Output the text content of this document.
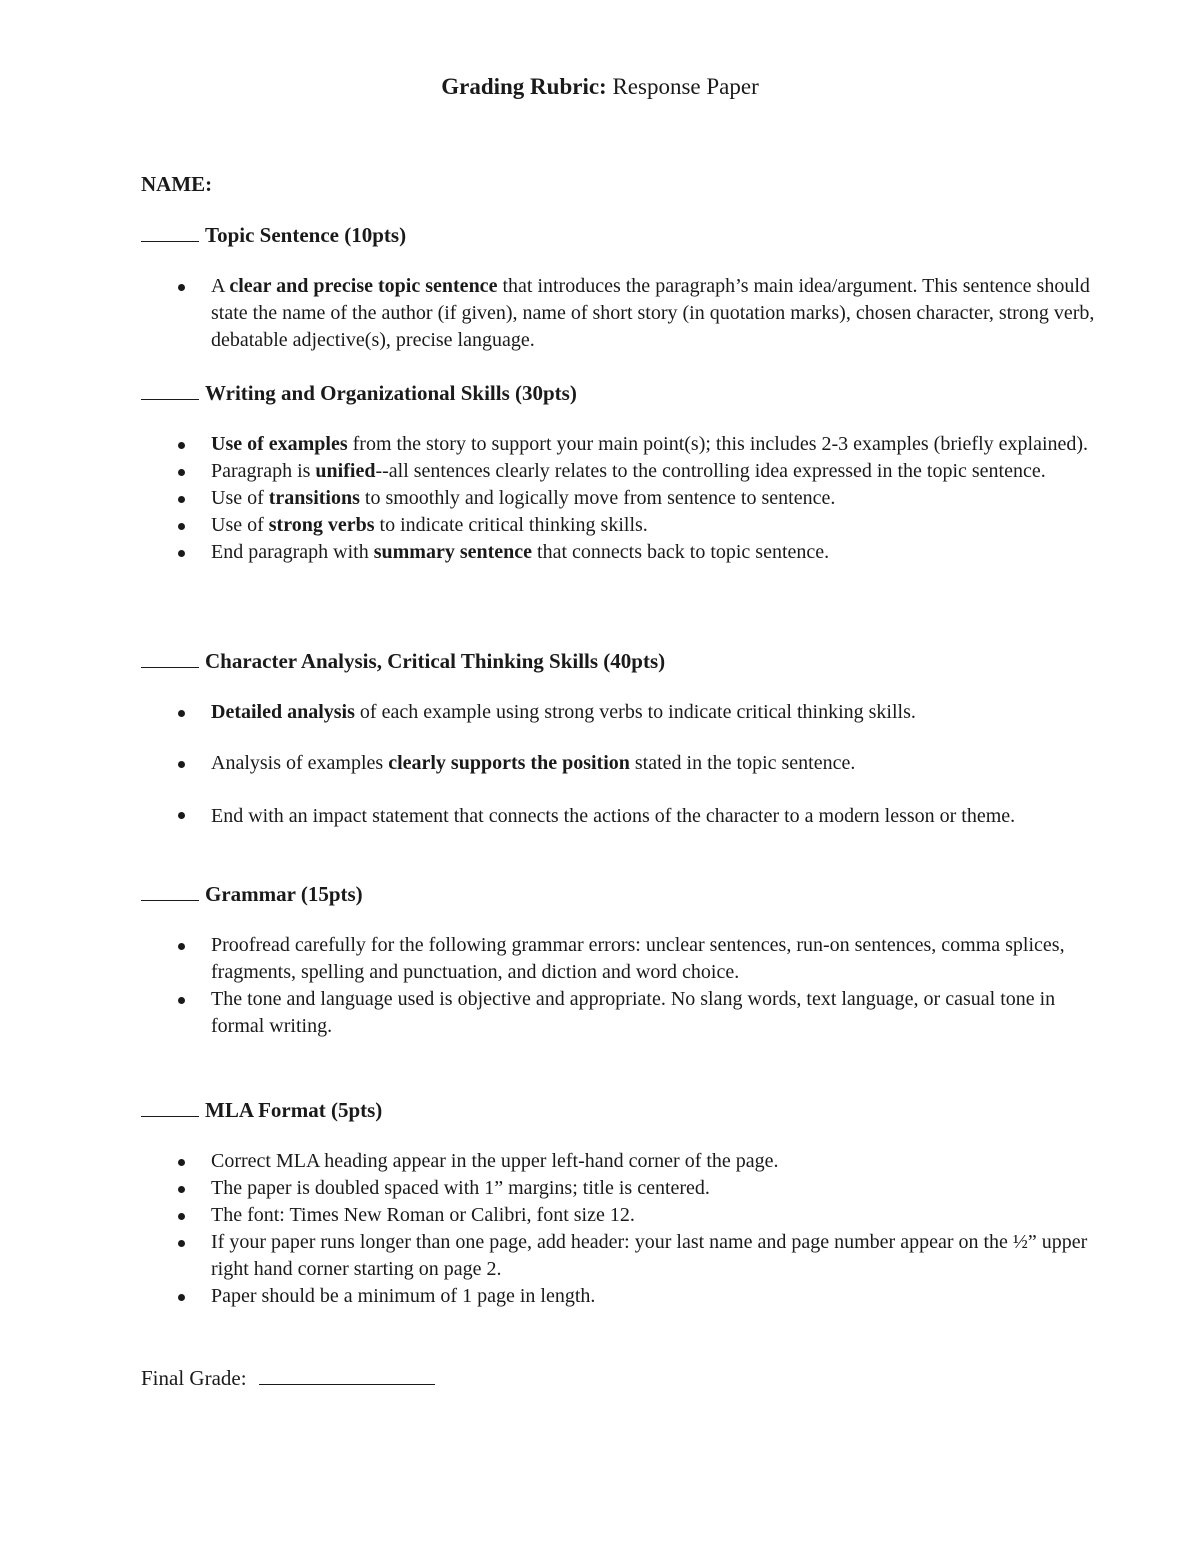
Grading Rubric: Response Paper
NAME:

Topic Sentence (10pts)

A clear and precise topic sentence that introduces the paragraph’s main idea/argument. This sentence should state the name of the author (if given), name of short story (in quotation marks), chosen character, strong verb, debatable adjective(s), precise language.

Writing and Organizational Skills (30pts)

Use of examples from the story to support your main point(s); this includes 2-3 examples (briefly explained).
Paragraph is unified--all sentences clearly relates to the controlling idea expressed in the topic sentence.
Use of transitions to smoothly and logically move from sentence to sentence.
Use of strong verbs to indicate critical thinking skills.
End paragraph with summary sentence that connects back to topic sentence.

Character Analysis, Critical Thinking Skills (40pts)

Detailed analysis of each example using strong verbs to indicate critical thinking skills.
Analysis of examples clearly supports the position stated in the topic sentence.
End with an impact statement that connects the actions of the character to a modern lesson or theme.

Grammar (15pts)

Proofread carefully for the following grammar errors: unclear sentences, run-on sentences, comma splices, fragments, spelling and punctuation, and diction and word choice.
The tone and language used is objective and appropriate. No slang words, text language, or casual tone in formal writing.

MLA Format (5pts)

Correct MLA heading appear in the upper left-hand corner of the page.
The paper is doubled spaced with 1” margins; title is centered.
The font: Times New Roman or Calibri, font size 12.
If your paper runs longer than one page, add header: your last name and page number appear on the ½” upper right hand corner starting on page 2.
Paper should be a minimum of 1 page in length.
Final Grade:
